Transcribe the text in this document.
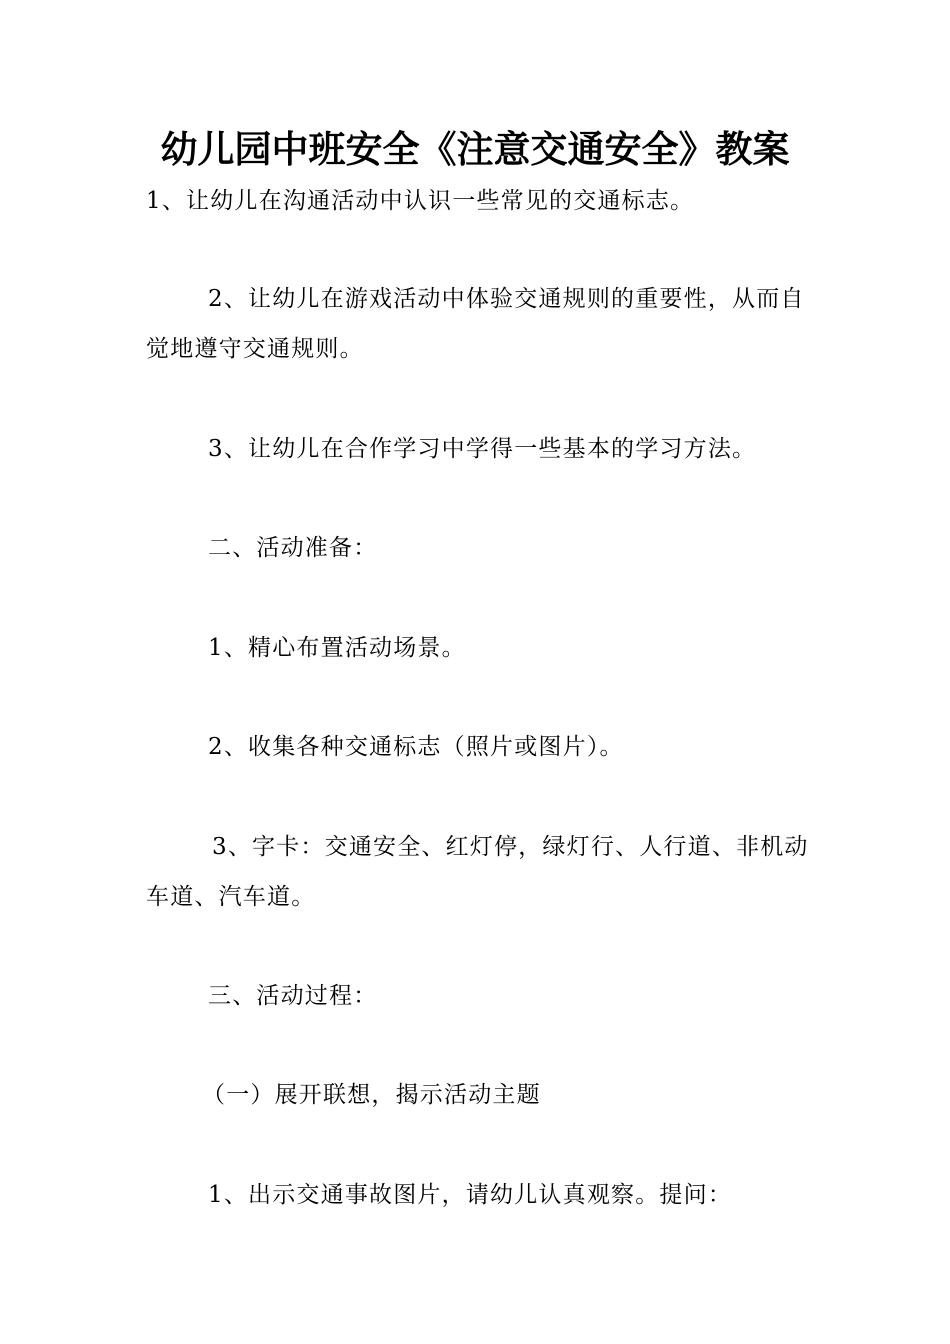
幼儿园中班安全《注意交通安全》教案
1、让幼儿在沟通活动中认识一些常见的交通标志。
2、让幼儿在游戏活动中体验交通规则的重要性，从而自觉地遵守交通规则。
3、让幼儿在合作学习中学得一些基本的学习方法。
二、活动准备：
1、精心布置活动场景。
2、收集各种交通标志（照片或图片）。
3、字卡：交通安全、红灯停，绿灯行、人行道、非机动车道、汽车道。
三、活动过程：
（一）展开联想，揭示活动主题
1、出示交通事故图片，请幼儿认真观察。提问：
